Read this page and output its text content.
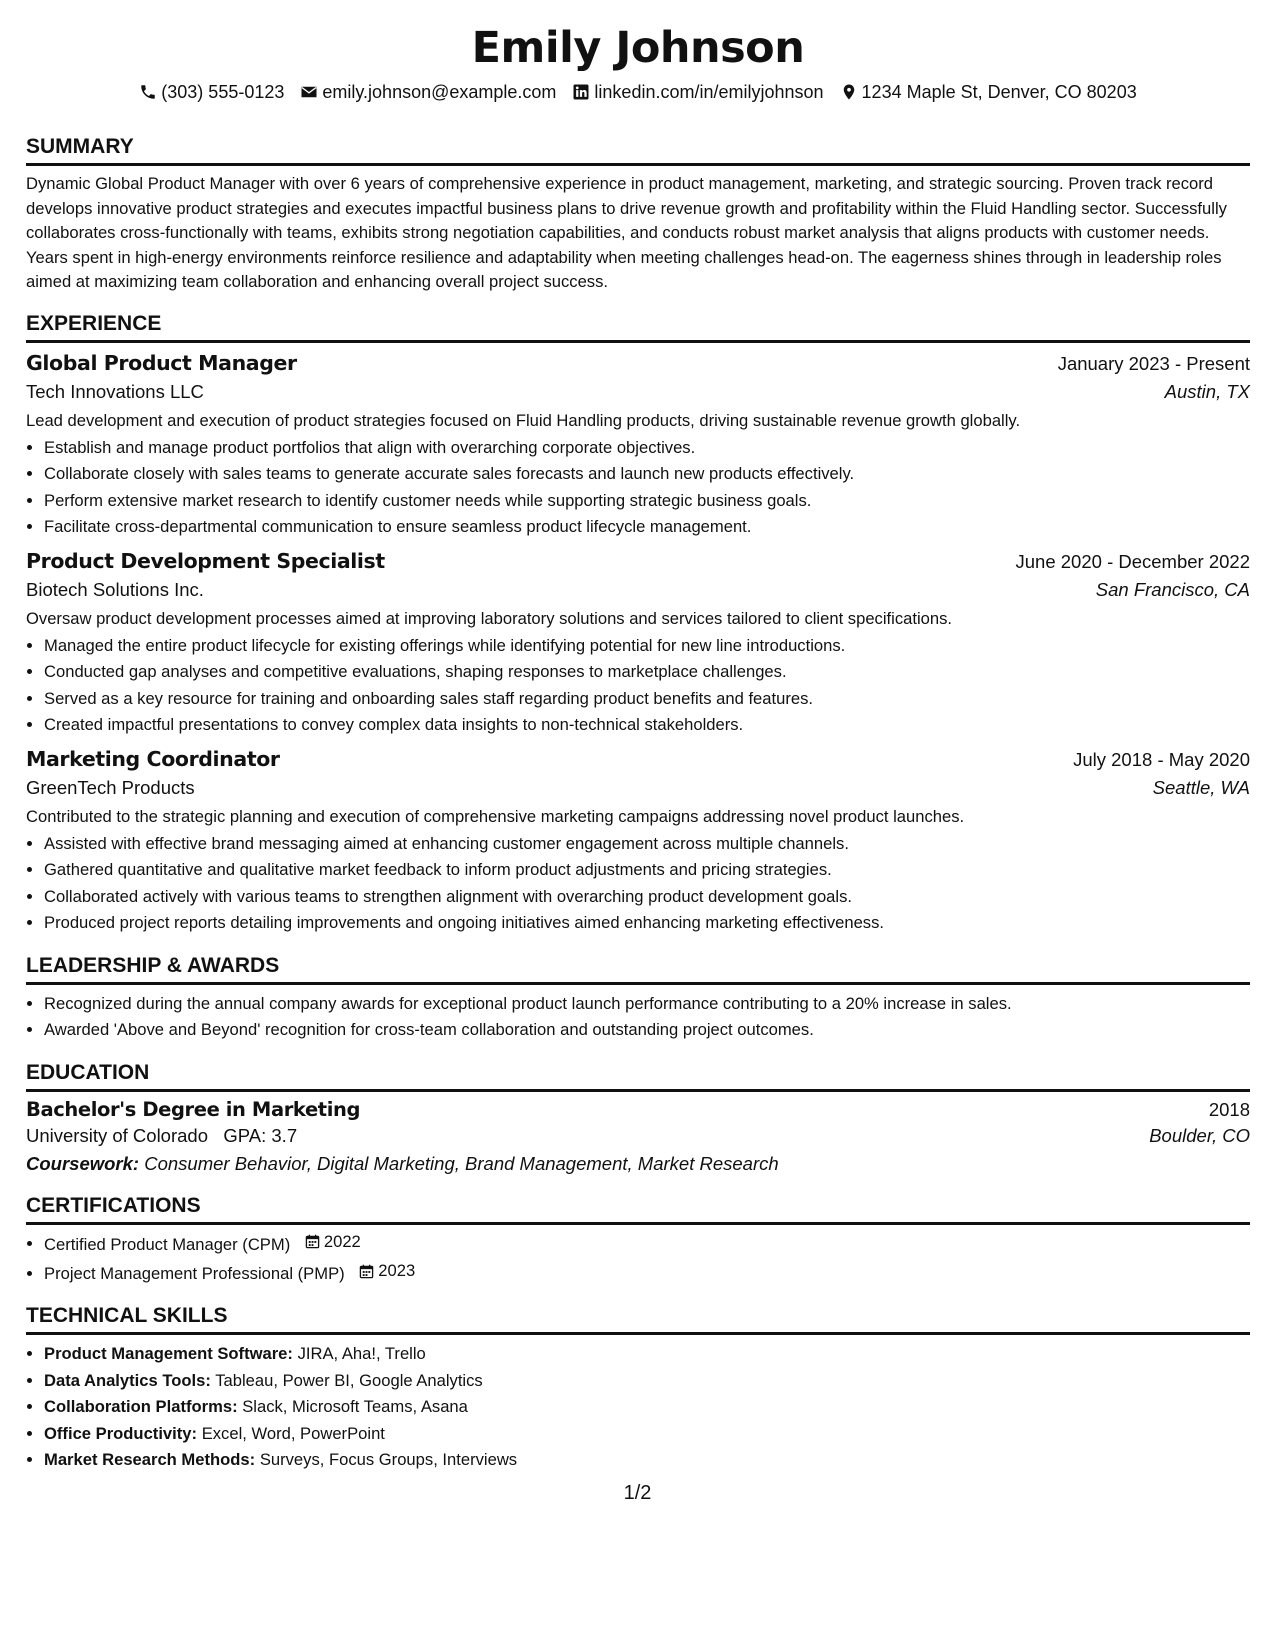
Emily Johnson
(303) 555-0123 emily.johnson@example.com linkedin.com/in/emilyjohnson 1234 Maple St, Denver, CO 80203
SUMMARY
Dynamic Global Product Manager with over 6 years of comprehensive experience in product management, marketing, and strategic sourcing. Proven track record develops innovative product strategies and executes impactful business plans to drive revenue growth and profitability within the Fluid Handling sector. Successfully collaborates cross-functionally with teams, exhibits strong negotiation capabilities, and conducts robust market analysis that aligns products with customer needs. Years spent in high-energy environments reinforce resilience and adaptability when meeting challenges head-on. The eagerness shines through in leadership roles aimed at maximizing team collaboration and enhancing overall project success.
EXPERIENCE
Global Product Manager	January 2023 - Present
Tech Innovations LLC	Austin, TX
Lead development and execution of product strategies focused on Fluid Handling products, driving sustainable revenue growth globally.
• Establish and manage product portfolios that align with overarching corporate objectives.
• Collaborate closely with sales teams to generate accurate sales forecasts and launch new products effectively.
• Perform extensive market research to identify customer needs while supporting strategic business goals.
• Facilitate cross-departmental communication to ensure seamless product lifecycle management.
Product Development Specialist	June 2020 - December 2022
Biotech Solutions Inc.	San Francisco, CA
Oversaw product development processes aimed at improving laboratory solutions and services tailored to client specifications.
• Managed the entire product lifecycle for existing offerings while identifying potential for new line introductions.
• Conducted gap analyses and competitive evaluations, shaping responses to marketplace challenges.
• Served as a key resource for training and onboarding sales staff regarding product benefits and features.
• Created impactful presentations to convey complex data insights to non-technical stakeholders.
Marketing Coordinator	July 2018 - May 2020
GreenTech Products	Seattle, WA
Contributed to the strategic planning and execution of comprehensive marketing campaigns addressing novel product launches.
• Assisted with effective brand messaging aimed at enhancing customer engagement across multiple channels.
• Gathered quantitative and qualitative market feedback to inform product adjustments and pricing strategies.
• Collaborated actively with various teams to strengthen alignment with overarching product development goals.
• Produced project reports detailing improvements and ongoing initiatives aimed enhancing marketing effectiveness.
LEADERSHIP & AWARDS
• Recognized during the annual company awards for exceptional product launch performance contributing to a 20% increase in sales.
• Awarded 'Above and Beyond' recognition for cross-team collaboration and outstanding project outcomes.
EDUCATION
Bachelor's Degree in Marketing	2018
University of Colorado GPA: 3.7	Boulder, CO
Coursework: Consumer Behavior, Digital Marketing, Brand Management, Market Research
CERTIFICATIONS
• Certified Product Manager (CPM) 2022
• Project Management Professional (PMP) 2023
TECHNICAL SKILLS
• Product Management Software: JIRA, Aha!, Trello
• Data Analytics Tools: Tableau, Power BI, Google Analytics
• Collaboration Platforms: Slack, Microsoft Teams, Asana
• Office Productivity: Excel, Word, PowerPoint
• Market Research Methods: Surveys, Focus Groups, Interviews
1/2
